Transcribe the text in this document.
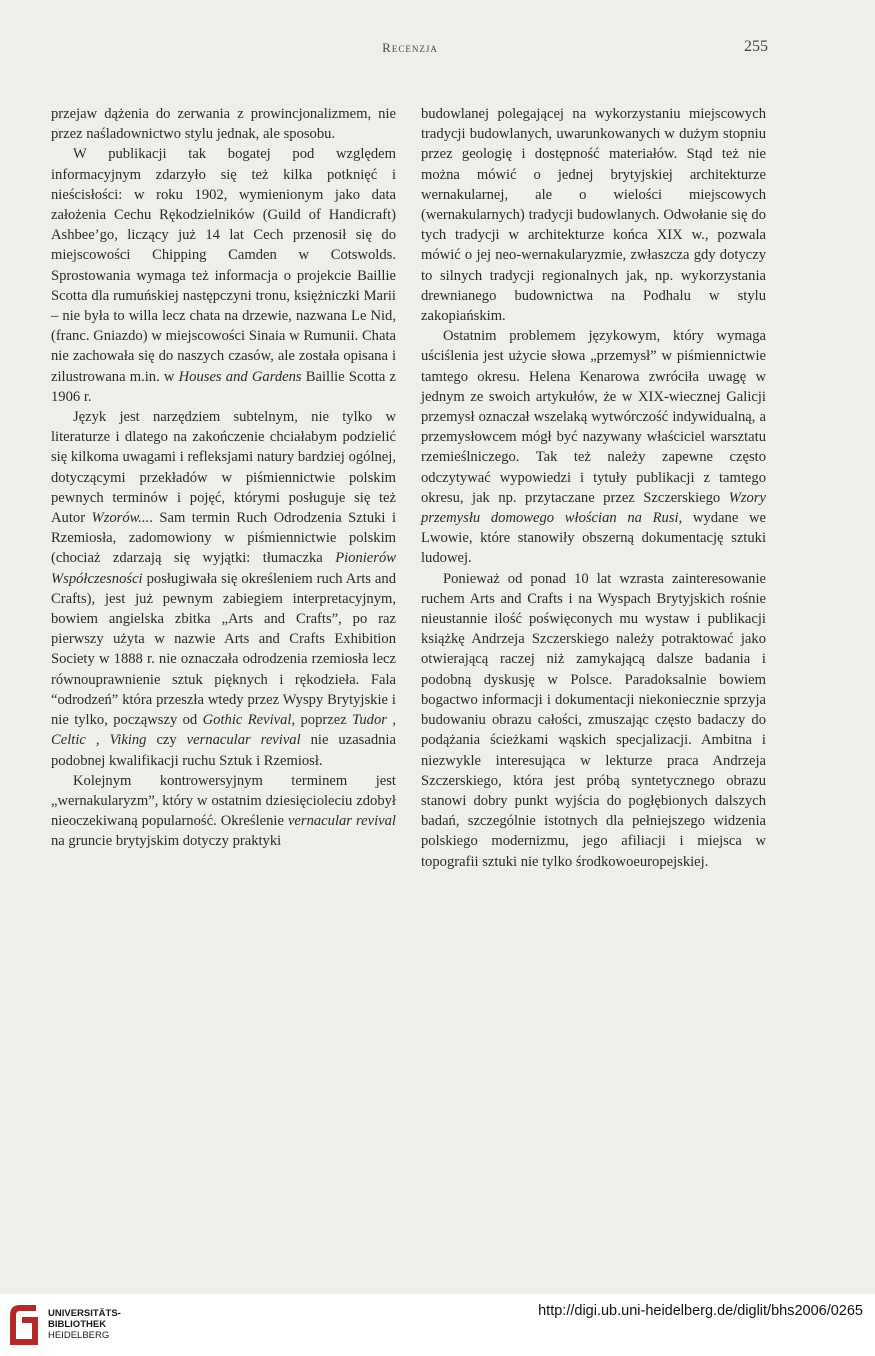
Recenzja	255

przejaw dążenia do zerwania z prowincjonalizmem, nie przez naśladownictwo stylu jednak, ale sposobu.

W publikacji tak bogatej pod względem informacyjnym zdarzyło się też kilka potknięć i nieścisłości: w roku 1902, wymienionym jako data założenia Cechu Rękodzielników (Guild of Handicraft) Ashbee’go, liczący już 14 lat Cech przenosił się do miejscowości Chipping Camden w Cotswolds. Sprostowania wymaga też informacja o projekcie Baillie Scotta dla rumuńskiej następczyni tronu, księżniczki Marii – nie była to willa lecz chata na drzewie, nazwana Le Nid, (franc. Gniazdo) w miejscowości Sinaia w Rumunii. Chata nie zachowała się do naszych czasów, ale została opisana i zilustrowana m.in. w Houses and Gardens Baillie Scotta z 1906 r.

Język jest narzędziem subtelnym, nie tylko w literaturze i dlatego na zakończenie chciałabym podzielić się kilkoma uwagami i refleksjami natury bardziej ogólnej, dotyczącymi przekładów w piśmiennictwie polskim pewnych terminów i pojęć, którymi posługuje się też Autor Wzorów.... Sam termin Ruch Odrodzenia Sztuki i Rzemiosła, zadomowiony w piśmiennictwie polskim (chociaż zdarzają się wyjątki: tłumaczka Pionierów Współczesności posługiwała się określeniem ruch Arts and Crafts), jest już pewnym zabiegiem interpretacyjnym, bowiem angielska zbitka „Arts and Crafts”, po raz pierwszy użyta w nazwie Arts and Crafts Exhibition Society w 1888 r. nie oznaczała odrodzenia rzemiosła lecz równouprawnienie sztuk pięknych i rękodzieła. Fala “odrodzeń” która przeszła wtedy przez Wyspy Brytyjskie i nie tylko, począwszy od Gothic Revival, poprzez Tudor , Celtic , Viking czy vernacular revival nie uzasadnia podobnej kwalifikacji ruchu Sztuk i Rzemiosł.

Kolejnym kontrowersyjnym terminem jest „wernakularyzm”, który w ostatnim dziesięcioleciu zdobył nieoczekiwaną popularność. Określenie vernacular revival na gruncie brytyjskim dotyczy praktyki

budowlanej polegającej na wykorzystaniu miejscowych tradycji budowlanych, uwarunkowanych w dużym stopniu przez geologię i dostępność materiałów. Stąd też nie można mówić o jednej brytyjskiej architekturze wernakularnej, ale o wielości miejscowych (wernakularnych) tradycji budowlanych. Odwołanie się do tych tradycji w architekturze końca XIX w., pozwala mówić o jej neo-wernakularyzmie, zwłaszcza gdy dotyczy to silnych tradycji regionalnych jak, np. wykorzystania drewnianego budownictwa na Podhalu w stylu zakopiańskim.

Ostatnim problemem językowym, który wymaga uściślenia jest użycie słowa „przemysł” w piśmiennictwie tamtego okresu. Helena Kenarowa zwróciła uwagę w jednym ze swoich artykułów, że w XIX-wiecznej Galicji przemysł oznaczał wszelaką wytwórczość indywidualną, a przemysłowcem mógł być nazywany właściciel warsztatu rzemieślniczego. Tak też należy zapewne często odczytywać wypowiedzi i tytuły publikacji z tamtego okresu, jak np. przytaczane przez Szczerskiego Wzory przemysłu domowego włościan na Rusi, wydane we Lwowie, które stanowiły obszerną dokumentację sztuki ludowej.

Ponieważ od ponad 10 lat wzrasta zainteresowanie ruchem Arts and Crafts i na Wyspach Brytyjskich rośnie nieustannie ilość poświęconych mu wystaw i publikacji książkę Andrzeja Szczerskiego należy potraktować jako otwierającą raczej niż zamykającą dalsze badania i podobną dyskusję w Polsce. Paradoksalnie bowiem bogactwo informacji i dokumentacji niekoniecznie sprzyja budowaniu obrazu całości, zmuszając często badaczy do podążania ścieżkami wąskich specjalizacji. Ambitna i niezwykle interesująca w lekturze praca Andrzeja Szczerskiego, która jest próbą syntetycznego obrazu stanowi dobry punkt wyjścia do pogłębionych dalszych badań, szczególnie istotnych dla pełniejszego widzenia polskiego modernizmu, jego afiliacji i miejsca w topografii sztuki nie tylko środkowoeuropejskiej.

UNIVERSITÄTS-
BIBLIOTHEK
HEIDELBERG
http://digi.ub.uni-heidelberg.de/diglit/bhs2006/0265
